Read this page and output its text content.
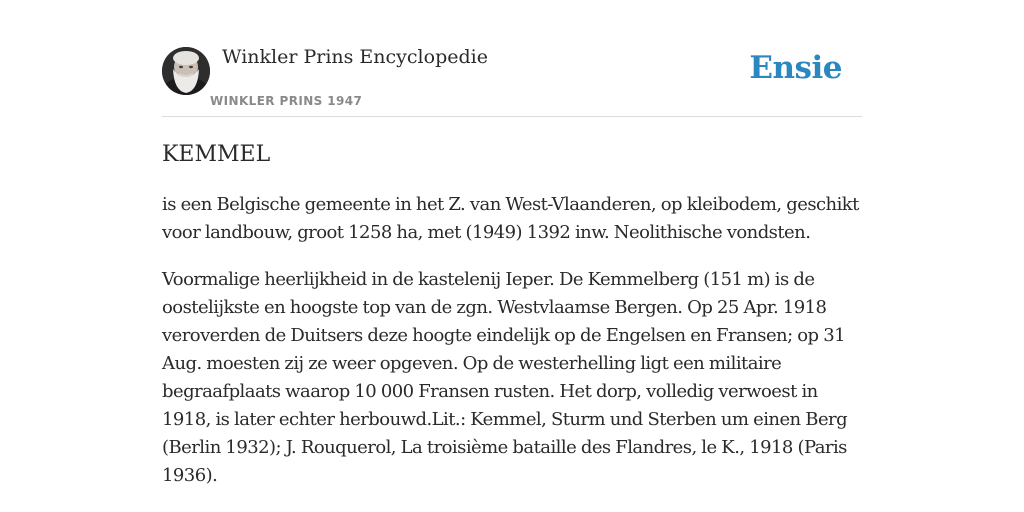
Winkler Prins Encyclopedie
WINKLER PRINS 1947
Ensie
KEMMEL

is een Belgische gemeente in het Z. van West-Vlaanderen, op kleibodem, geschikt voor landbouw, groot 1258 ha, met (1949) 1392 inw. Neolithische vondsten.

Voormalige heerlijkheid in de kastelenij Ieper. De Kemmelberg (151 m) is de oostelijkste en hoogste top van de zgn. Westvlaamse Bergen. Op 25 Apr. 1918 veroverden de Duitsers deze hoogte eindelijk op de Engelsen en Fransen; op 31 Aug. moesten zij ze weer opgeven. Op de westerhelling ligt een militaire begraafplaats waarop 10 000 Fransen rusten. Het dorp, volledig verwoest in 1918, is later echter herbouwd.Lit.: Kemmel, Sturm und Sterben um einen Berg (Berlin 1932); J. Rouquerol, La troisième bataille des Flandres, le K., 1918 (Paris 1936).
